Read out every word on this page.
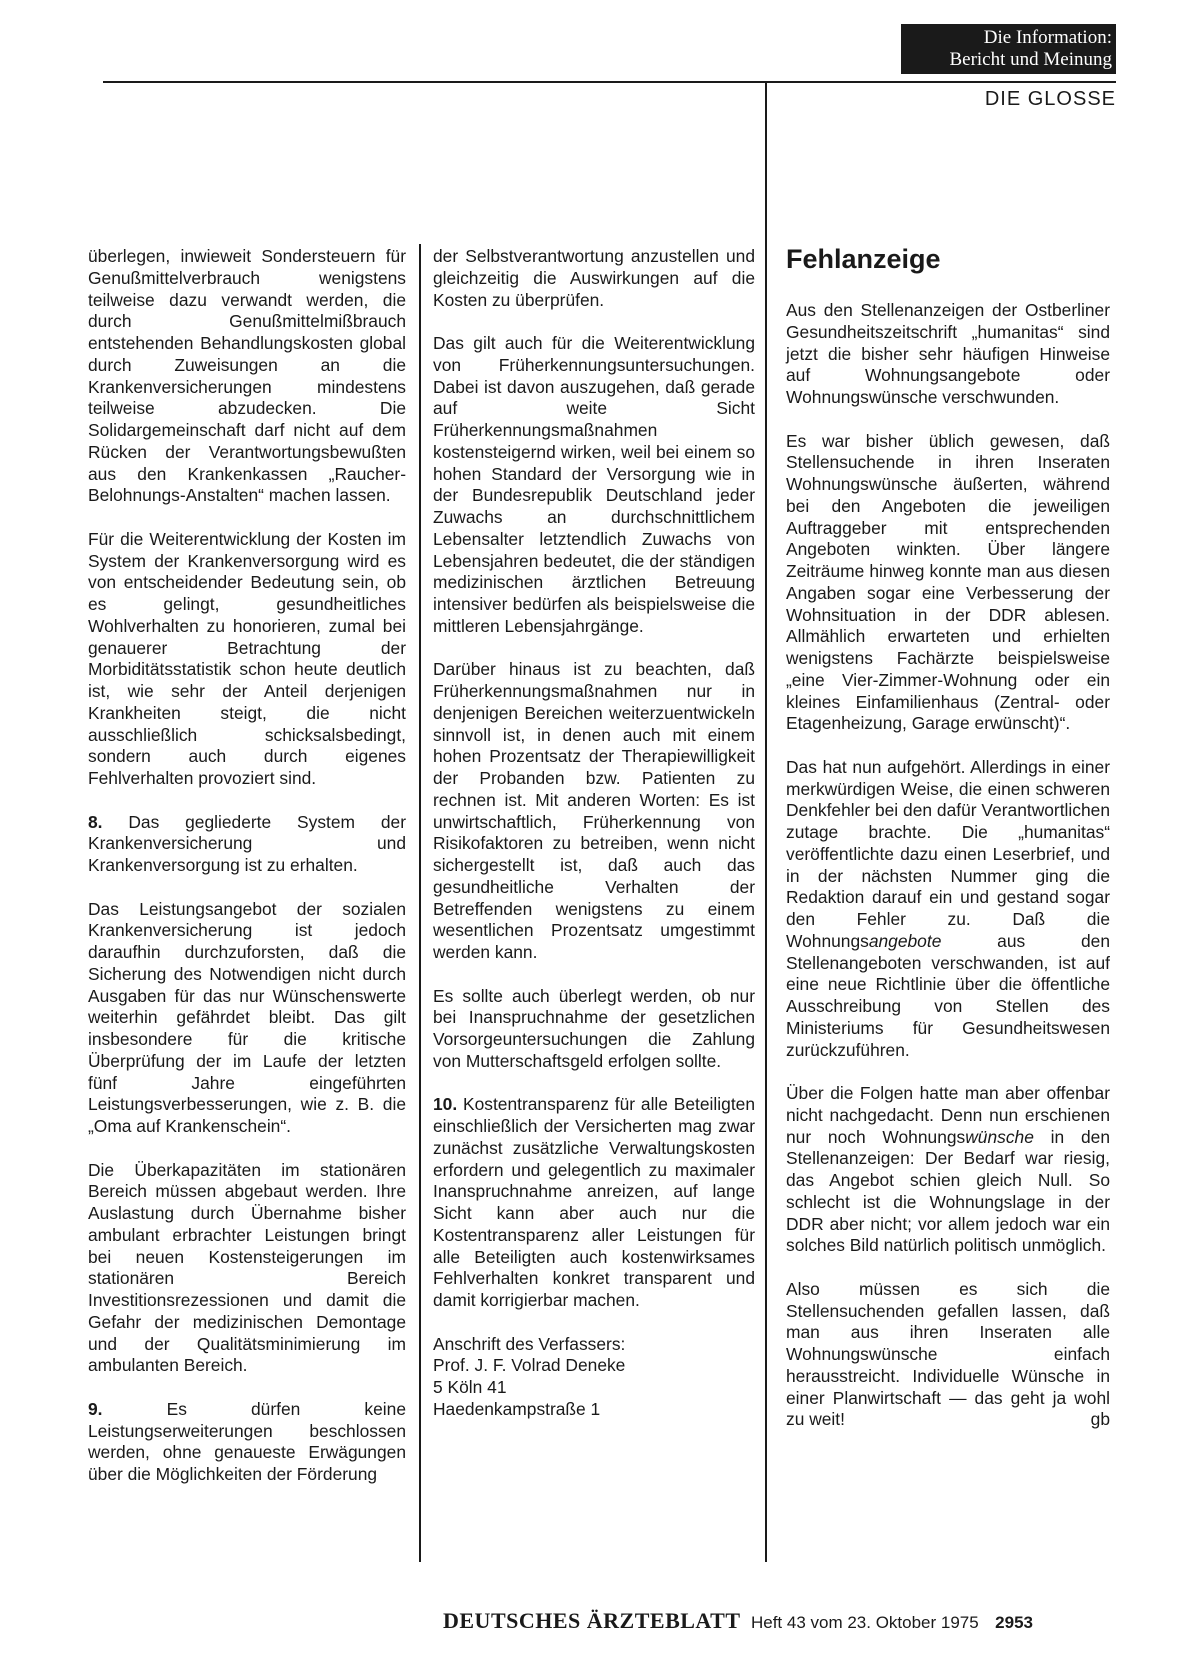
Die Information:
Bericht und Meinung
DIE GLOSSE

überlegen, inwieweit Sondersteuern für Genußmittelverbrauch wenigstens teilweise dazu verwandt werden, die durch Genußmittelmißbrauch entstehenden Behandlungskosten global durch Zuweisungen an die Krankenversicherungen mindestens teilweise abzudecken. Die Solidargemeinschaft darf nicht auf dem Rücken der Verantwortungsbewußten aus den Krankenkassen „Raucher-Belohnungs-Anstalten“ machen lassen.

Für die Weiterentwicklung der Kosten im System der Krankenversorgung wird es von entscheidender Bedeutung sein, ob es gelingt, gesundheitliches Wohlverhalten zu honorieren, zumal bei genauerer Betrachtung der Morbiditätsstatistik schon heute deutlich ist, wie sehr der Anteil derjenigen Krankheiten steigt, die nicht ausschließlich schicksalsbedingt, sondern auch durch eigenes Fehlverhalten provoziert sind.

8. Das gegliederte System der Krankenversicherung und Krankenversorgung ist zu erhalten.

Das Leistungsangebot der sozialen Krankenversicherung ist jedoch daraufhin durchzuforsten, daß die Sicherung des Notwendigen nicht durch Ausgaben für das nur Wünschenswerte weiterhin gefährdet bleibt. Das gilt insbesondere für die kritische Überprüfung der im Laufe der letzten fünf Jahre eingeführten Leistungsverbesserungen, wie z. B. die „Oma auf Krankenschein“.

Die Überkapazitäten im stationären Bereich müssen abgebaut werden. Ihre Auslastung durch Übernahme bisher ambulant erbrachter Leistungen bringt bei neuen Kostensteigerungen im stationären Bereich Investitionsrezessionen und damit die Gefahr der medizinischen Demontage und der Qualitätsminimierung im ambulanten Bereich.

9. Es dürfen keine Leistungserweiterungen beschlossen werden, ohne genaueste Erwägungen über die Möglichkeiten der Förderung

der Selbstverantwortung anzustellen und gleichzeitig die Auswirkungen auf die Kosten zu überprüfen.

Das gilt auch für die Weiterentwicklung von Früherkennungsuntersuchungen. Dabei ist davon auszugehen, daß gerade auf weite Sicht Früherkennungsmaßnahmen kostensteigernd wirken, weil bei einem so hohen Standard der Versorgung wie in der Bundesrepublik Deutschland jeder Zuwachs an durchschnittlichem Lebensalter letztendlich Zuwachs von Lebensjahren bedeutet, die der ständigen medizinischen ärztlichen Betreuung intensiver bedürfen als beispielsweise die mittleren Lebensjahrgänge.

Darüber hinaus ist zu beachten, daß Früherkennungsmaßnahmen nur in denjenigen Bereichen weiterzuentwickeln sinnvoll ist, in denen auch mit einem hohen Prozentsatz der Therapiewilligkeit der Probanden bzw. Patienten zu rechnen ist. Mit anderen Worten: Es ist unwirtschaftlich, Früherkennung von Risikofaktoren zu betreiben, wenn nicht sichergestellt ist, daß auch das gesundheitliche Verhalten der Betreffenden wenigstens zu einem wesentlichen Prozentsatz umgestimmt werden kann.

Es sollte auch überlegt werden, ob nur bei Inanspruchnahme der gesetzlichen Vorsorgeuntersuchungen die Zahlung von Mutterschaftsgeld erfolgen sollte.

10. Kostentransparenz für alle Beteiligten einschließlich der Versicherten mag zwar zunächst zusätzliche Verwaltungskosten erfordern und gelegentlich zu maximaler Inanspruchnahme anreizen, auf lange Sicht kann aber auch nur die Kostentransparenz aller Leistungen für alle Beteiligten auch kostenwirksames Fehlverhalten konkret transparent und damit korrigierbar machen.

Anschrift des Verfassers:
Prof. J. F. Volrad Deneke
5 Köln 41
Haedenkampstraße 1

Fehlanzeige

Aus den Stellenanzeigen der Ostberliner Gesundheitszeitschrift „humanitas“ sind jetzt die bisher sehr häufigen Hinweise auf Wohnungsangebote oder Wohnungswünsche verschwunden.

Es war bisher üblich gewesen, daß Stellensuchende in ihren Inseraten Wohnungswünsche äußerten, während bei den Angeboten die jeweiligen Auftraggeber mit entsprechenden Angeboten winkten. Über längere Zeiträume hinweg konnte man aus diesen Angaben sogar eine Verbesserung der Wohnsituation in der DDR ablesen. Allmählich erwarteten und erhielten wenigstens Fachärzte beispielsweise „eine Vier-Zimmer-Wohnung oder ein kleines Einfamilienhaus (Zentral- oder Etagenheizung, Garage erwünscht)“.

Das hat nun aufgehört. Allerdings in einer merkwürdigen Weise, die einen schweren Denkfehler bei den dafür Verantwortlichen zutage brachte. Die „humanitas“ veröffentlichte dazu einen Leserbrief, und in der nächsten Nummer ging die Redaktion darauf ein und gestand sogar den Fehler zu. Daß die Wohnungsangebote aus den Stellenangeboten verschwanden, ist auf eine neue Richtlinie über die öffentliche Ausschreibung von Stellen des Ministeriums für Gesundheitswesen zurückzuführen.

Über die Folgen hatte man aber offenbar nicht nachgedacht. Denn nun erschienen nur noch Wohnungswünsche in den Stellenanzeigen: Der Bedarf war riesig, das Angebot schien gleich Null. So schlecht ist die Wohnungslage in der DDR aber nicht; vor allem jedoch war ein solches Bild natürlich politisch unmöglich.

Also müssen es sich die Stellensuchenden gefallen lassen, daß man aus ihren Inseraten alle Wohnungswünsche einfach herausstreicht. Individuelle Wünsche in einer Planwirtschaft — das geht ja wohl zu weit!	gb

DEUTSCHES ÄRZTEBLATT Heft 43 vom 23. Oktober 1975 2953
